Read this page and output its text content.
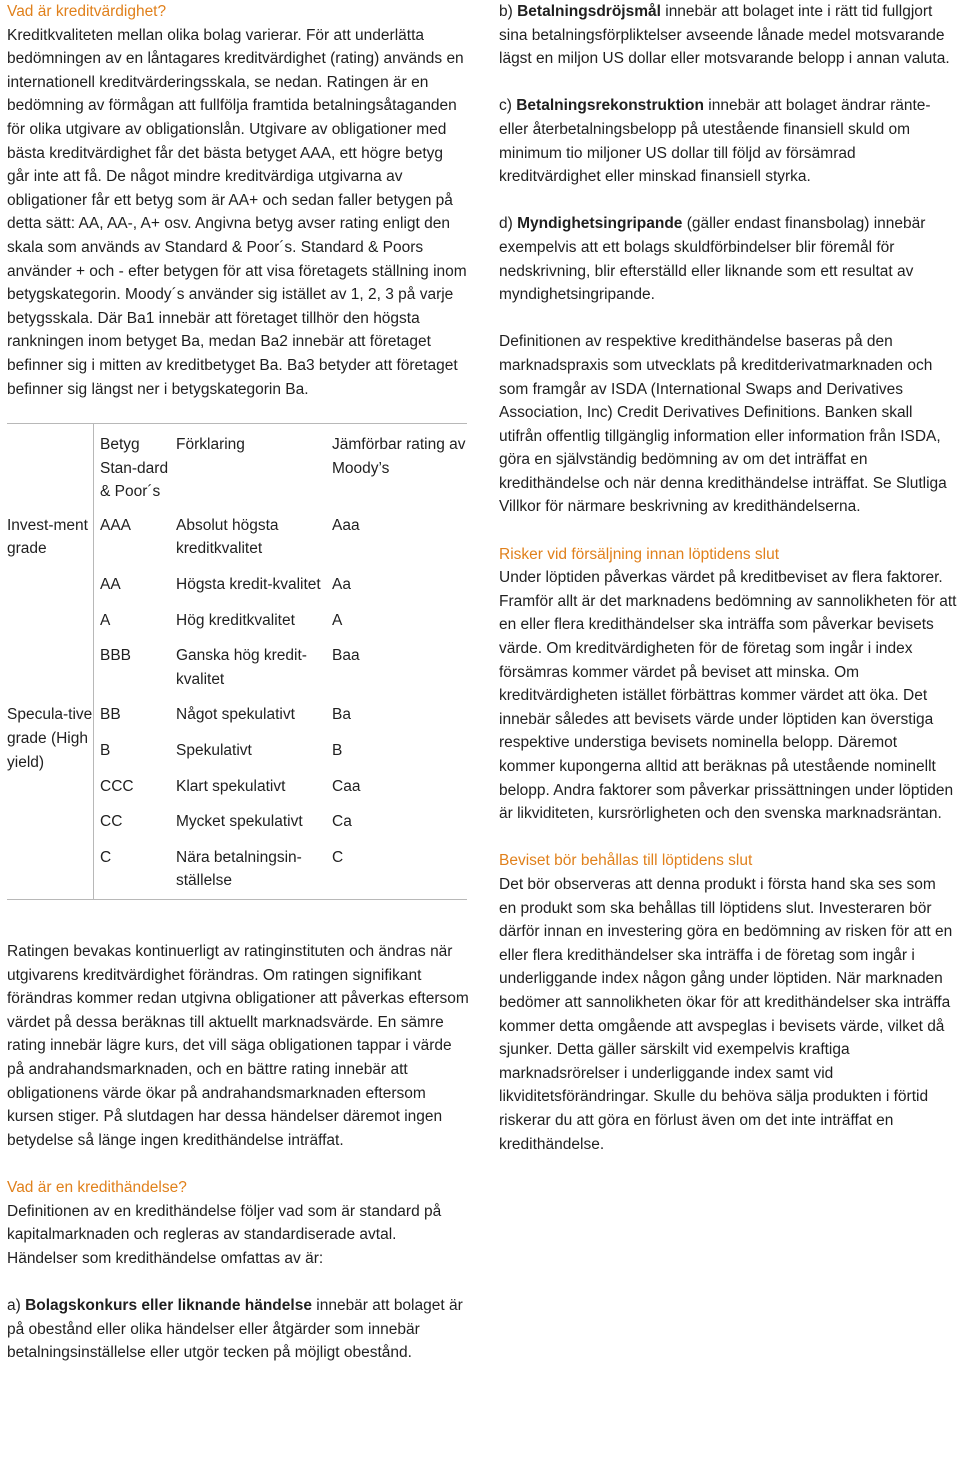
Vad är kreditvärdighet?

Kreditkvaliteten mellan olika bolag varierar. För att underlätta bedömningen av en låntagares kreditvärdighet (rating) används en internationell kreditvärderingsskala, se nedan. Ratingen är en bedömning av förmågan att fullfölja framtida betalningsåtaganden för olika utgivare av obligationslån. Utgivare av obligationer med bästa kreditvärdighet får det bästa betyget AAA, ett högre betyg går inte att få. De något mindre kreditvärdiga utgivarna av obligationer får ett betyg som är AA+ och sedan faller betygen på detta sätt: AA, AA-, A+ osv. Angivna betyg avser rating enligt den skala som används av Standard & Poor´s. Standard & Poors använder + och - efter betygen för att visa företagets ställning inom betygskategorin. Moody´s använder sig istället av 1, 2, 3 på varje betygsskala. Där Ba1 innebär att företaget tillhör den högsta rankningen inom betyget Ba, medan Ba2 innebär att företaget befinner sig i mitten av kreditbetyget Ba. Ba3 betyder att företaget befinner sig längst ner i betygskategorin Ba.

	Betyg Stan-dard & Poor´s	Förklaring	Jämförbar rating av Moody’s
Invest-ment grade	AAA	Absolut högsta kreditkvalitet	Aaa
	AA	Högsta kredit-kvalitet	Aa
	A	Hög kreditkvalitet	A
	BBB	Ganska hög kredit-kvalitet	Baa
Specula-tive grade (High yield)	BB	Något spekulativt	Ba
	B	Spekulativt	B
	CCC	Klart spekulativt	Caa
	CC	Mycket spekulativt	Ca
	C	Nära betalningsin-ställelse	C

Ratingen bevakas kontinuerligt av ratinginstituten och ändras när utgivarens kreditvärdighet förändras. Om ratingen signifikant förändras kommer redan utgivna obligationer att påverkas eftersom värdet på dessa beräknas till aktuellt marknadsvärde. En sämre rating innebär lägre kurs, det vill säga obligationen tappar i värde på andrahandsmarknaden, och en bättre rating innebär att obligationens värde ökar på andrahandsmarknaden eftersom kursen stiger. På slutdagen har dessa händelser däremot ingen betydelse så länge ingen kredithändelse inträffat.

Vad är en kredithändelse?

Definitionen av en kredithändelse följer vad som är standard på kapitalmarknaden och regleras av standardiserade avtal. Händelser som kredithändelse omfattas av är:

a) Bolagskonkurs eller liknande händelse innebär att bolaget är på obestånd eller olika händelser eller åtgärder som innebär betalningsinställelse eller utgör tecken på möjligt obestånd.

b) Betalningsdröjsmål innebär att bolaget inte i rätt tid fullgjort sina betalningsförpliktelser avseende lånade medel motsvarande lägst en miljon US dollar eller motsvarande belopp i annan valuta.

c) Betalningsrekonstruktion innebär att bolaget ändrar ränte- eller återbetalningsbelopp på utestående finansiell skuld om minimum tio miljoner US dollar till följd av försämrad kreditvärdighet eller minskad finansiell styrka.

d) Myndighetsingripande (gäller endast finansbolag) innebär exempelvis att ett bolags skuldförbindelser blir föremål för nedskrivning, blir efterställd eller liknande som ett resultat av myndighetsingripande.

Definitionen av respektive kredithändelse baseras på den marknadspraxis som utvecklats på kreditderivatmarknaden och som framgår av ISDA (International Swaps and Derivatives Association, Inc) Credit Derivatives Definitions. Banken skall utifrån offentlig tillgänglig information eller information från ISDA, göra en självständig bedömning av om det inträffat en kredithändelse och när denna kredithändelse inträffat. Se Slutliga Villkor för närmare beskrivning av kredithändelserna.

Risker vid försäljning innan löptidens slut

Under löptiden påverkas värdet på kreditbeviset av flera faktorer. Framför allt är det marknadens bedömning av sannolikheten för att en eller flera kredithändelser ska inträffa som påverkar bevisets värde. Om kreditvärdigheten för de företag som ingår i index försämras kommer värdet på beviset att minska. Om kreditvärdigheten istället förbättras kommer värdet att öka. Det innebär således att bevisets värde under löptiden kan överstiga respektive understiga bevisets nominella belopp. Däremot kommer kupongerna alltid att beräknas på utestående nominellt belopp. Andra faktorer som påverkar prissättningen under löptiden är likviditeten, kursrörligheten och den svenska marknadsräntan.

Beviset bör behållas till löptidens slut

Det bör observeras att denna produkt i första hand ska ses som en produkt som ska behållas till löptidens slut. Investeraren bör därför innan en investering göra en bedömning av risken för att en eller flera kredithändelser ska inträffa i de företag som ingår i underliggande index någon gång under löptiden. När marknaden bedömer att sannolikheten ökar för att kredithändelser ska inträffa kommer detta omgående att avspeglas i bevisets värde, vilket då sjunker. Detta gäller särskilt vid exempelvis kraftiga marknadsrörelser i underliggande index samt vid likviditetsförändringar. Skulle du behöva sälja produkten i förtid riskerar du att göra en förlust även om det inte inträffat en kredithändelse.
